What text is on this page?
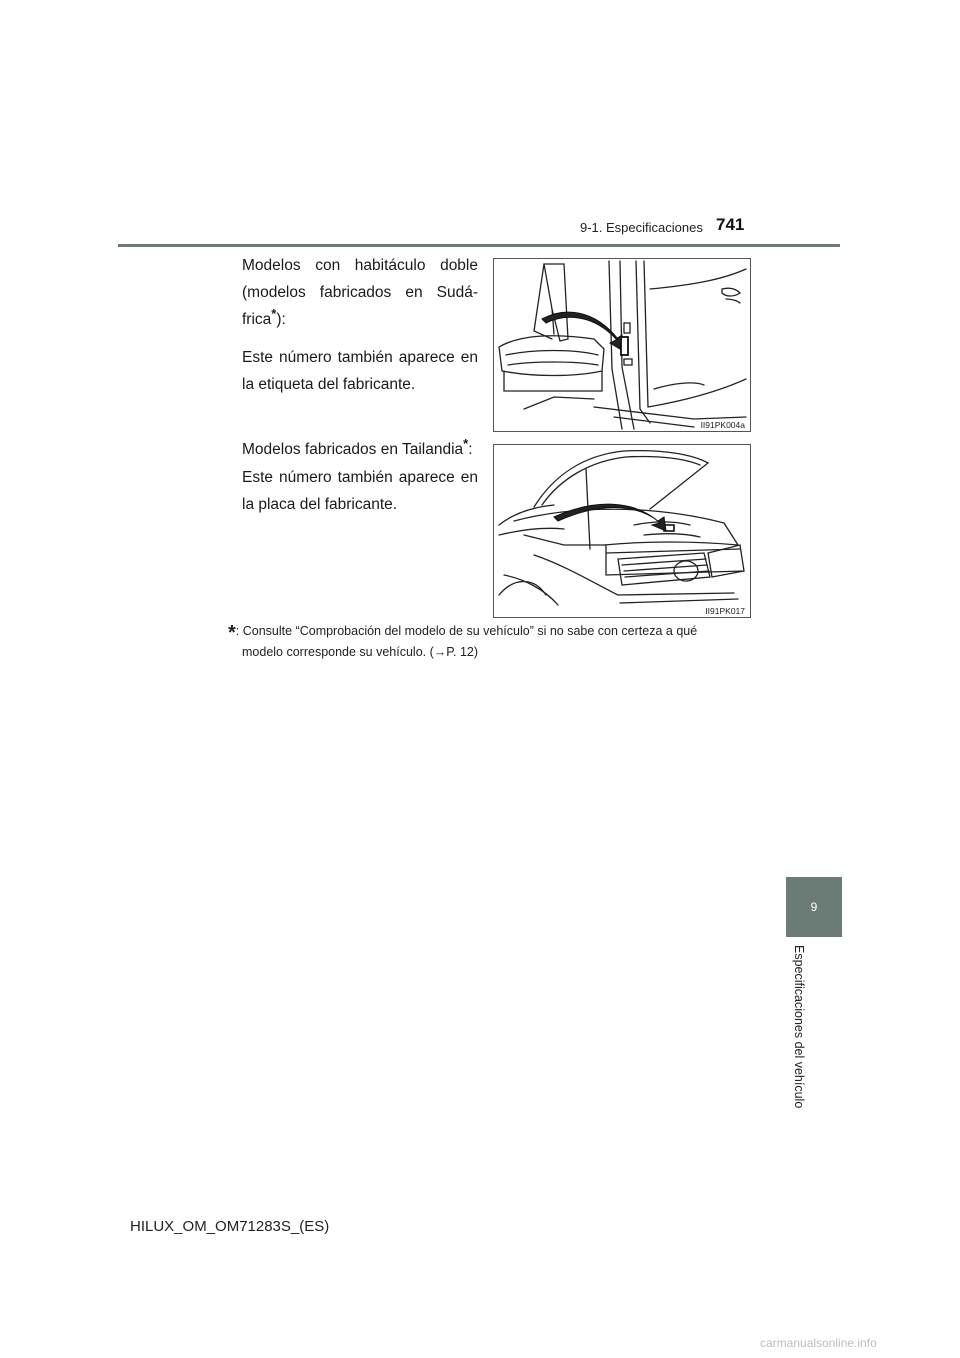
9-1. Especificaciones 741
Modelos con habitáculo doble (modelos fabricados en Sudá-frica*):
Este número también aparece en la etiqueta del fabricante.
II91PK004a
Modelos fabricados en Tailandia*:
Este número también aparece en la placa del fabricante.
II91PK017
*: Consulte “Comprobación del modelo de su vehículo” si no sabe con certeza a qué
modelo corresponde su vehículo. (→P. 12)
9
Especificaciones del vehículo
HILUX_OM_OM71283S_(ES)
carmanualsonline.info
